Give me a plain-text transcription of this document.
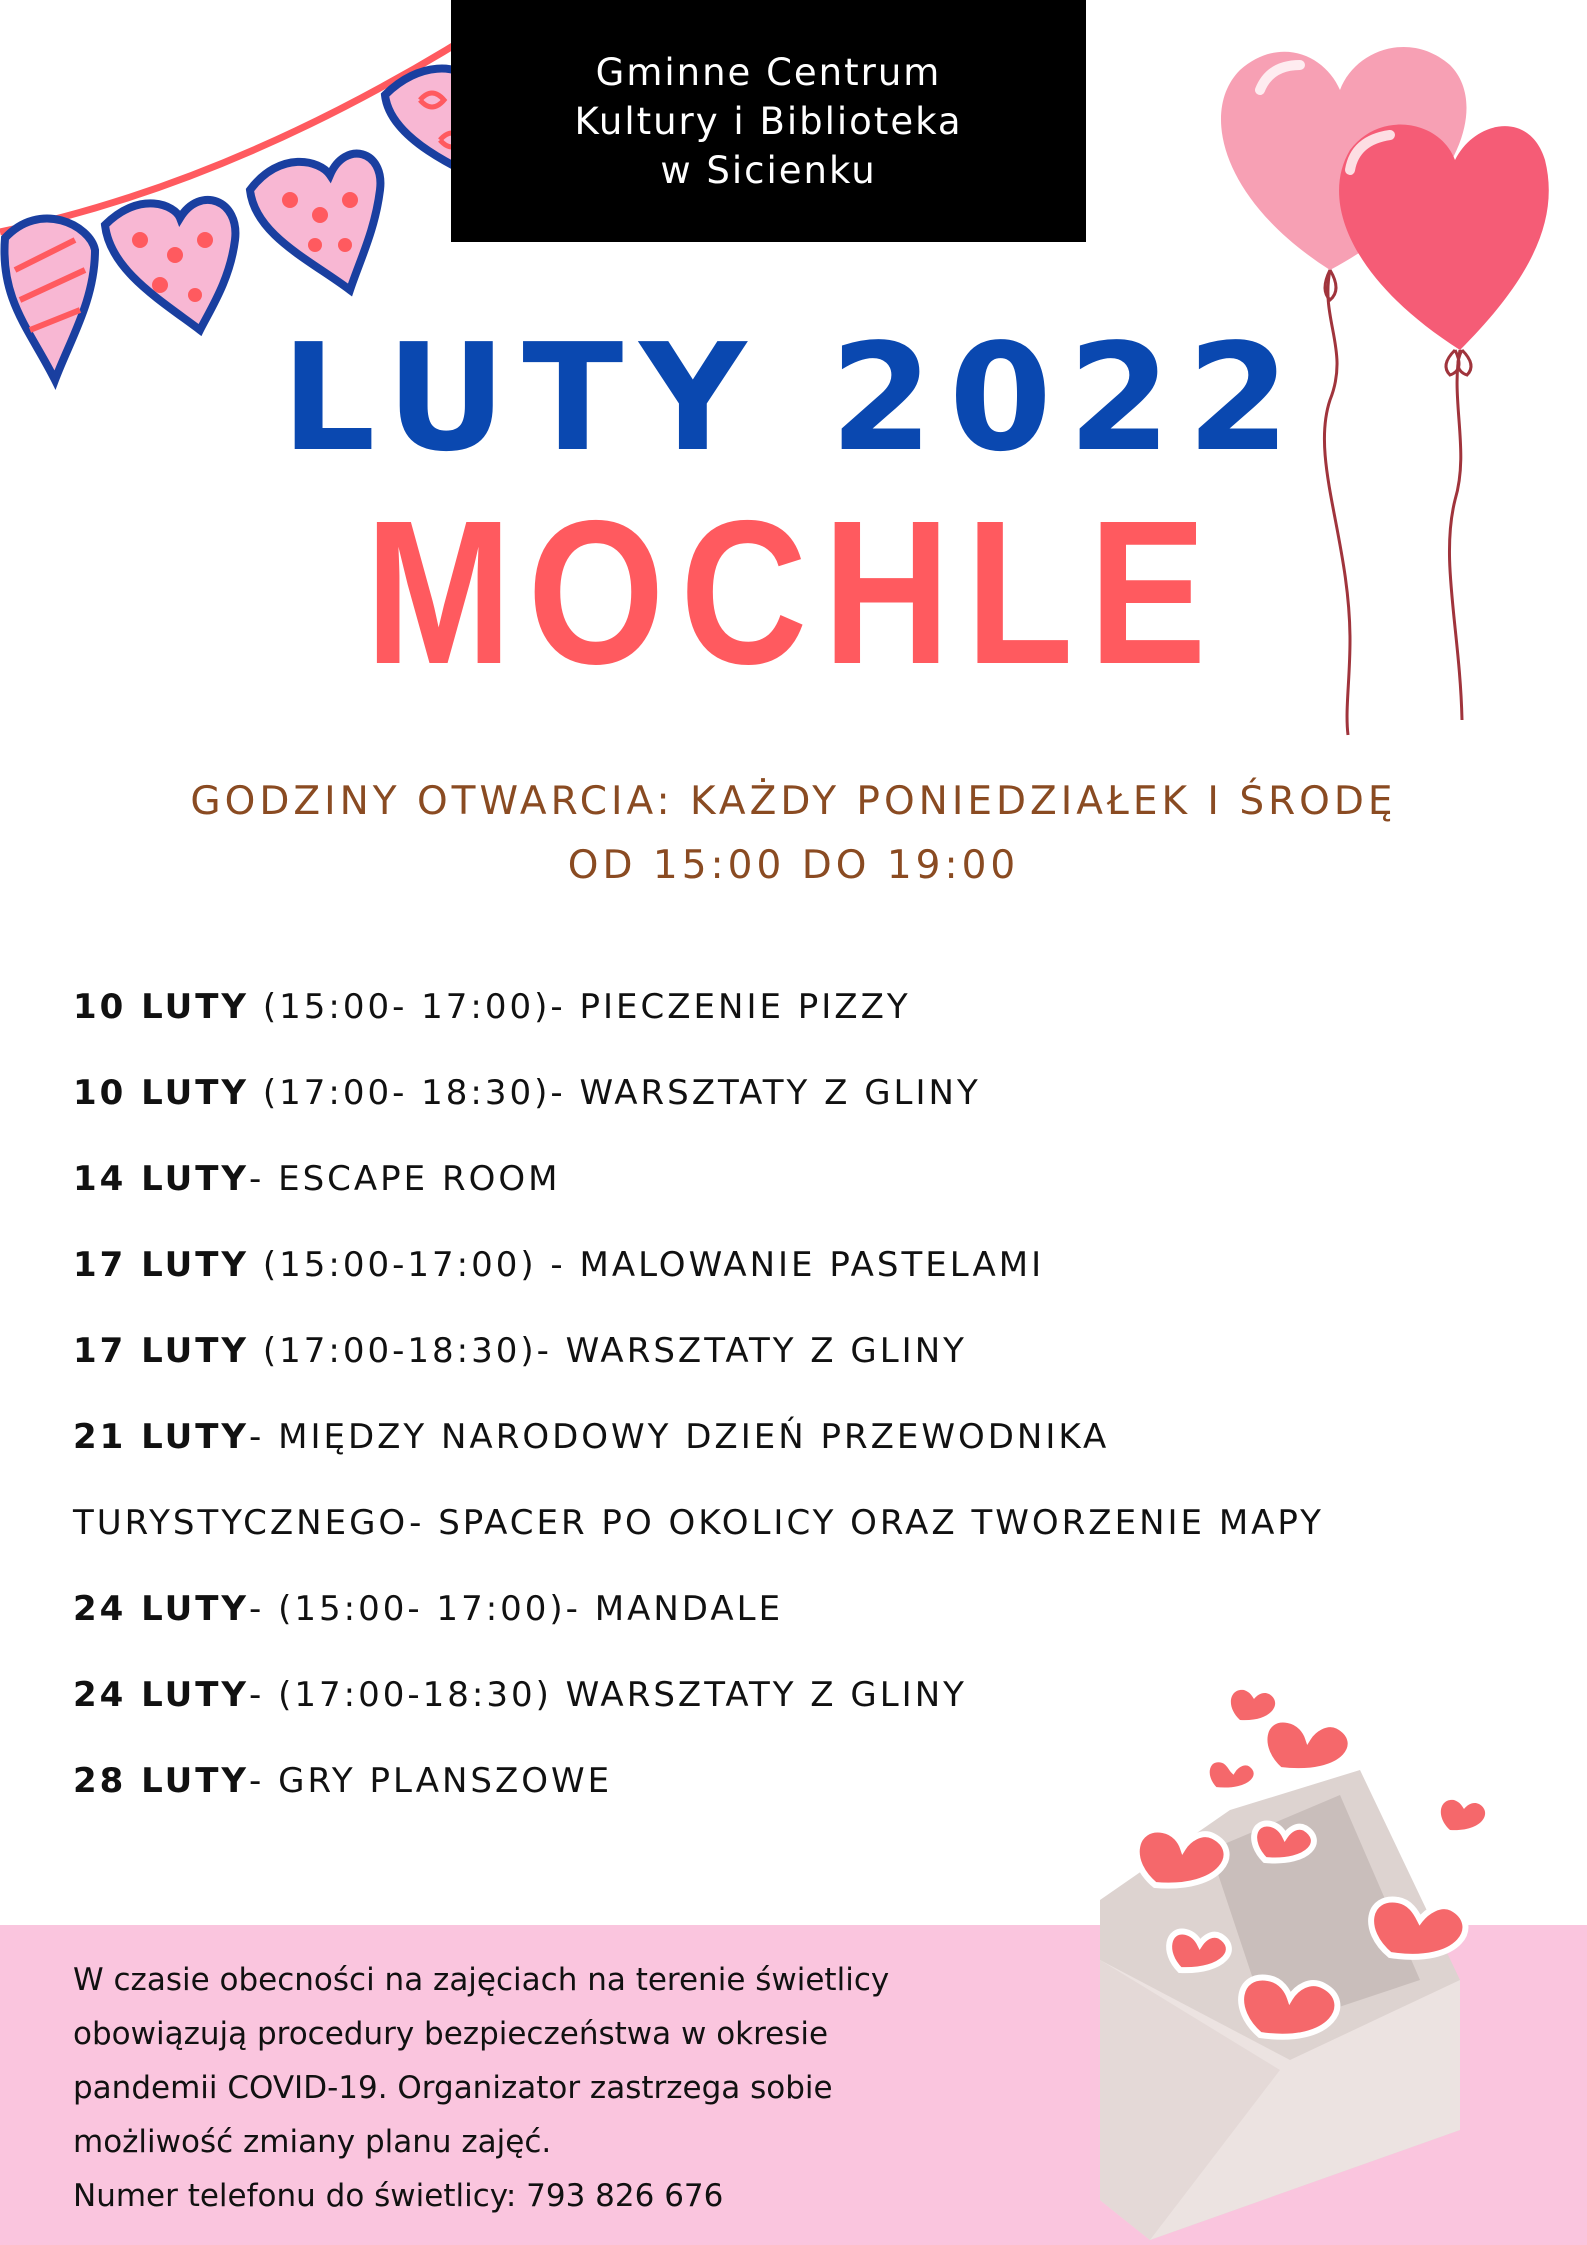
Gminne Centrum
Kultury i Biblioteka
w Sicienku
LUTY 2022
MOCHLE
GODZINY OTWARCIA: KAŻDY PONIEDZIAŁEK I ŚRODĘ
OD 15:00 DO 19:00
10 LUTY (15:00- 17:00)- PIECZENIE PIZZY
10 LUTY (17:00- 18:30)- WARSZTATY Z GLINY
14 LUTY- ESCAPE ROOM
17 LUTY (15:00-17:00) - MALOWANIE PASTELAMI
17 LUTY (17:00-18:30)- WARSZTATY Z GLINY
21 LUTY- MIĘDZY NARODOWY DZIEŃ PRZEWODNIKA
TURYSTYCZNEGO- SPACER PO OKOLICY ORAZ TWORZENIE MAPY
24 LUTY- (15:00- 17:00)- MANDALE
24 LUTY- (17:00-18:30) WARSZTATY Z GLINY
28 LUTY- GRY PLANSZOWE
W czasie obecności na zajęciach na terenie świetlicy
obowiązują procedury bezpieczeństwa w okresie
pandemii COVID-19. Organizator zastrzega sobie
możliwość zmiany planu zajęć.
Numer telefonu do świetlicy: 793 826 676
